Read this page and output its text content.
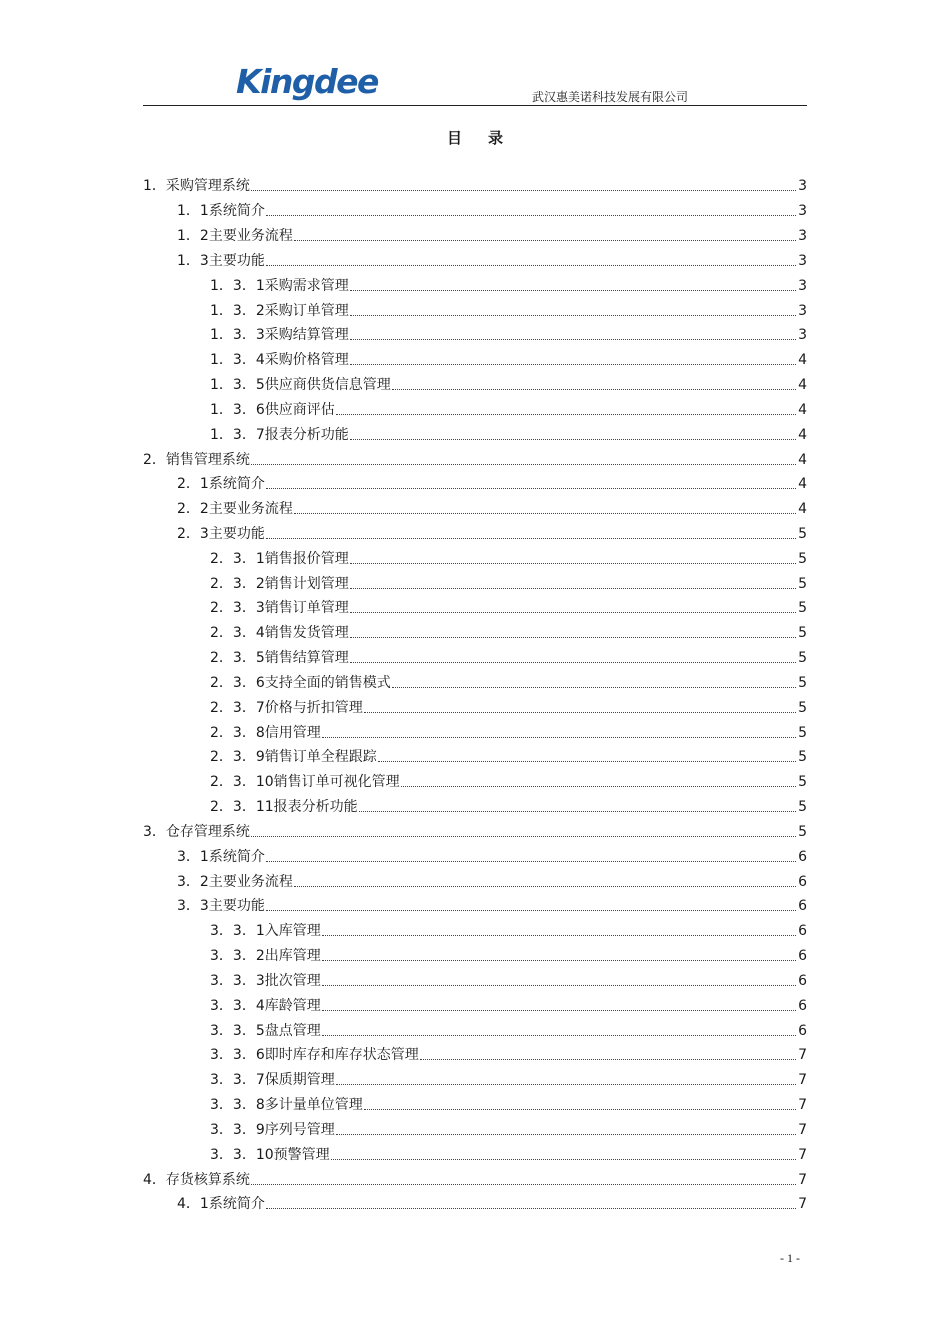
Kingdee	武汉惠美诺科技发展有限公司
目录
1．采购管理系统	3
1．1系统简介	3
1．2主要业务流程	3
1．3主要功能	3
1．3．1采购需求管理	3
1．3．2采购订单管理	3
1．3．3采购结算管理	3
1．3．4采购价格管理	4
1．3．5供应商供货信息管理	4
1．3．6供应商评估	4
1．3．7报表分析功能	4
2．销售管理系统	4
2．1系统简介	4
2．2主要业务流程	4
2．3主要功能	5
2．3．1销售报价管理	5
2．3．2销售计划管理	5
2．3．3销售订单管理	5
2．3．4销售发货管理	5
2．3．5销售结算管理	5
2．3．6支持全面的销售模式	5
2．3．7价格与折扣管理	5
2．3．8信用管理	5
2．3．9销售订单全程跟踪	5
2．3．10销售订单可视化管理	5
2．3．11报表分析功能	5
3．仓存管理系统	5
3．1系统简介	6
3．2主要业务流程	6
3．3主要功能	6
3．3．1入库管理	6
3．3．2出库管理	6
3．3．3批次管理	6
3．3．4库龄管理	6
3．3．5盘点管理	6
3．3．6即时库存和库存状态管理	7
3．3．7保质期管理	7
3．3．8多计量单位管理	7
3．3．9序列号管理	7
3．3．10预警管理	7
4．存货核算系统	7
4．1系统简介	7
- 1 -
